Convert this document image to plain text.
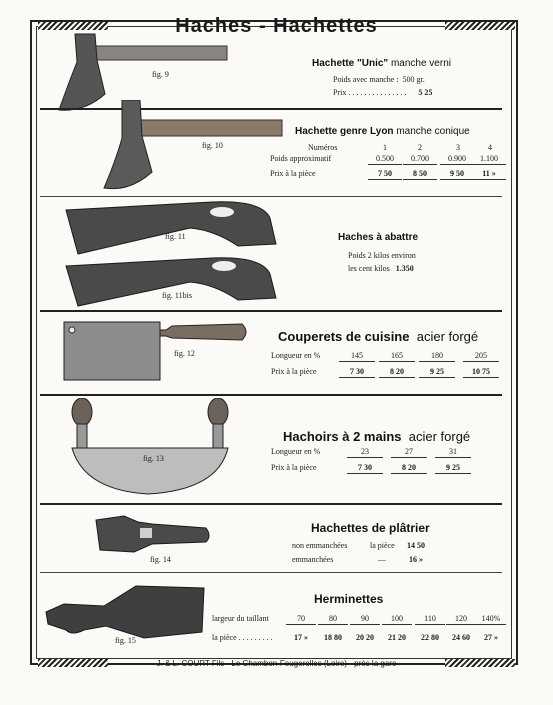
Haches - Hachettes
fig. 9
Hachette "Unic" manche verni
Poids avec manche : 500 gr.
Prix . . . . . . . . . . . . . . . 5 25
fig. 10
Hachette genre Lyon manche conique
Numéros	1	2	3	4
Poids approximatif	0.500	0.700	0.900	1.100
Prix à la pièce	7 50	8 50	9 50	11 »
fig. 11
fig. 11bis
Haches à abattre
Poids 2 kilos environ
les cent kilos 1.350
fig. 12
Couperets de cuisine acier forgé
Longueur en %	145	165	180	205
Prix à la pièce	7 30	8 20	9 25	10 75
fig. 13
Hachoirs à 2 mains acier forgé
Longueur en %	23	27	31
Prix à la pièce	7 30	8 20	9 25
fig. 14
Hachettes de plâtrier
non emmanchées	la pièce 14 50
emmanchées	—	16 »
fig. 15
Herminettes
largeur du taillant	70	80	90	100	110	120	140%
la pièce . . . . . . . . .	17 »	18 80	20 20	21 20	22 80	24 60	27 »
J. & L. COURT Fils - Le Chambon-Feugerolles (Loire) - près la gare
